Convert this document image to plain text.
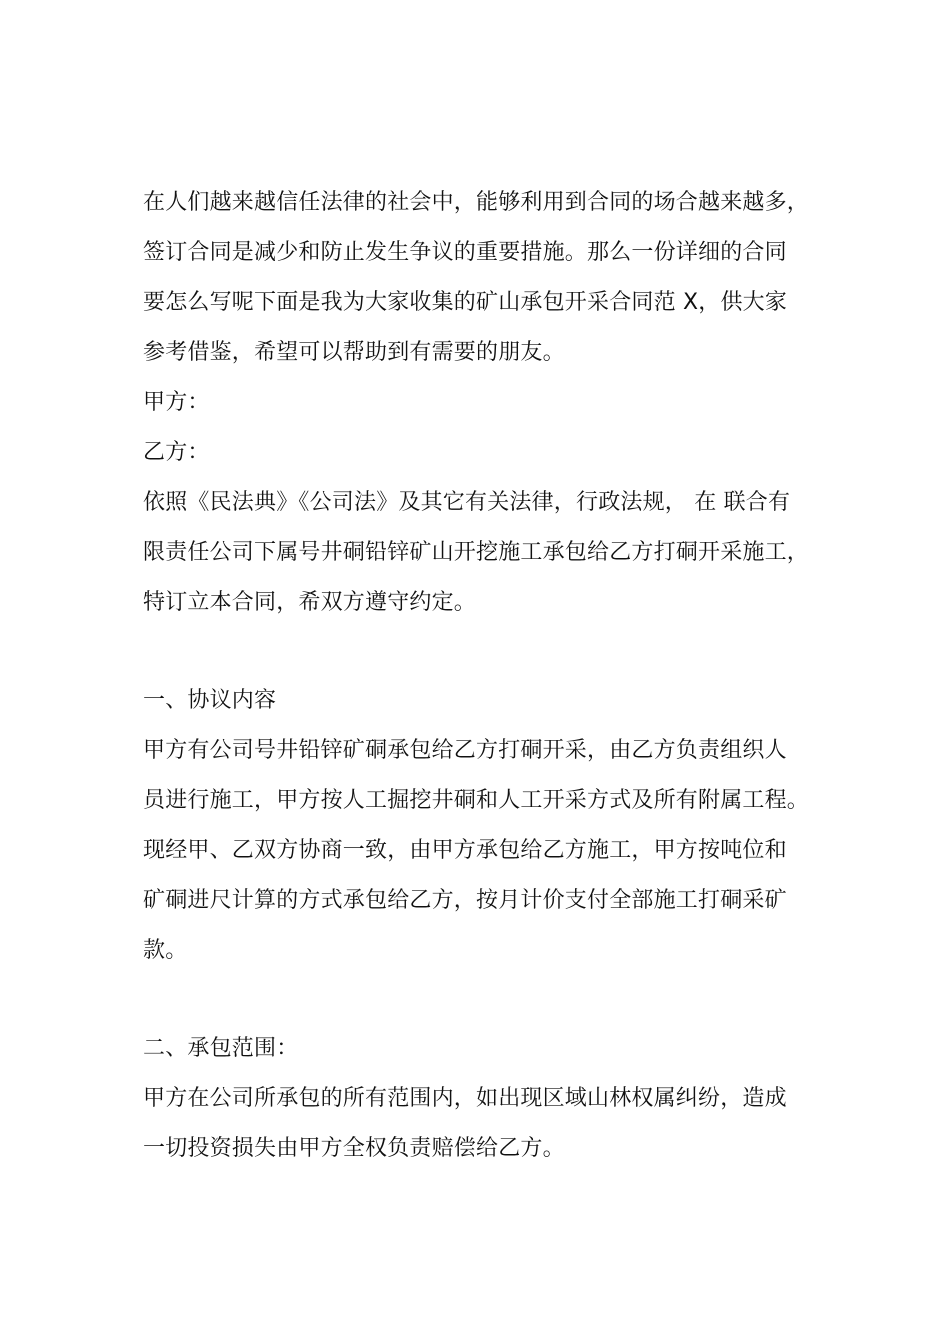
在人们越来越信任法律的社会中，能够利用到合同的场合越来越多，
签订合同是减少和防止发生争议的重要措施。那么一份详细的合同
要怎么写呢下面是我为大家收集的矿山承包开采合同范 X，供大家
参考借鉴，希望可以帮助到有需要的朋友。
甲方：
乙方：
依照《民法典》《公司法》及其它有关法律，行政法规， 在 联合有
限责任公司下属号井硐铅锌矿山开挖施工承包给乙方打硐开采施工，
特订立本合同，希双方遵守约定。
一、协议内容
甲方有公司号井铅锌矿硐承包给乙方打硐开采，由乙方负责组织人
员进行施工，甲方按人工掘挖井硐和人工开采方式及所有附属工程。
现经甲、乙双方协商一致，由甲方承包给乙方施工，甲方按吨位和
矿硐进尺计算的方式承包给乙方，按月计价支付全部施工打硐采矿
款。
二、承包范围：
甲方在公司所承包的所有范围内，如出现区域山林权属纠纷，造成
一切投资损失由甲方全权负责赔偿给乙方。
